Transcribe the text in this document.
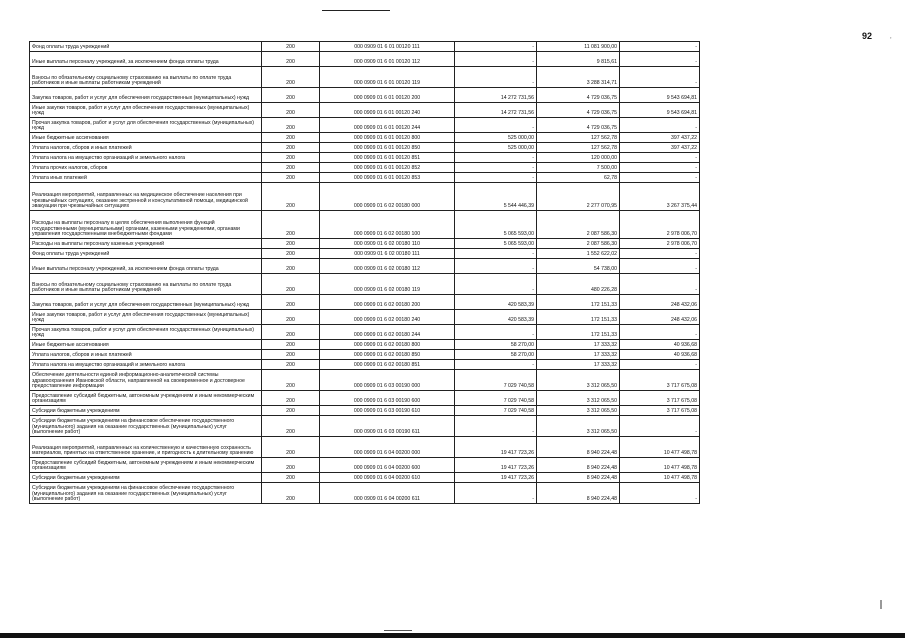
92	,
Фонд оплаты труда учреждений	200	000 0909 01 6 01 00120 111	-	11 081 900,00	-
Иные выплаты персоналу учреждений, за исключением фонда оплаты труда	200	000 0909 01 6 01 00120 112	-	9 815,61	-
Взносы по обязательному социальному страхованию на выплаты по оплате труда работников и иные выплаты работникам учреждений	200	000 0909 01 6 01 00120 119	-	3 288 314,71	-
Закупка товаров, работ и услуг для обеспечения государственных (муниципальных) нужд	200	000 0909 01 6 01 00120 200	14 272 731,56	4 729 036,75	9 543 694,81
Иные закупки товаров, работ и услуг для обеспечения государственных (муниципальных) нужд	200	000 0909 01 6 01 00120 240	14 272 731,56	4 729 036,75	9 543 694,81
Прочая закупка товаров, работ и услуг для обеспечения государственных (муниципальных) нужд	200	000 0909 01 6 01 00120 244	-	4 729 036,75	-
Иные бюджетные ассигнования	200	000 0909 01 6 01 00120 800	525 000,00	127 562,78	397 437,22
Уплата налогов, сборов и иных платежей	200	000 0909 01 6 01 00120 850	525 000,00	127 562,78	397 437,22
Уплата налога на имущество организаций и земельного налога	200	000 0909 01 6 01 00120 851	-	120 000,00	-
Уплата прочих налогов, сборов	200	000 0909 01 6 01 00120 852	-	7 500,00	-
Уплата иных платежей	200	000 0909 01 6 01 00120 853	-	62,78	-
Реализация мероприятий, направленных на медицинское обеспечение населения при чрезвычайных ситуациях, оказание экстренной и консультативной помощи, медицинской эвакуации при чрезвычайных ситуациях	200	000 0909 01 6 02 00180 000	5 544 446,39	2 277 070,95	3 267 375,44
Расходы на выплаты персоналу в целях обеспечения выполнения функций государственными (муниципальными) органами, казенными учреждениями, органами управления государственными внебюджетными фондами	200	000 0909 01 6 02 00180 100	5 065 593,00	2 087 586,30	2 978 006,70
Расходы на выплаты персоналу казенных учреждений	200	000 0909 01 6 02 00180 110	5 065 593,00	2 087 586,30	2 978 006,70
Фонд оплаты труда учреждений	200	000 0909 01 6 02 00180 111	-	1 552 622,02	-
Иные выплаты персоналу учреждений, за исключением фонда оплаты труда	200	000 0909 01 6 02 00180 112	-	54 738,00	-
Взносы по обязательному социальному страхованию на выплаты по оплате труда работников и иные выплаты работникам учреждений	200	000 0909 01 6 02 00180 119	-	480 226,28	-
Закупка товаров, работ и услуг для обеспечения государственных (муниципальных) нужд	200	000 0909 01 6 02 00180 200	420 583,39	172 151,33	248 432,06
Иные закупки товаров, работ и услуг для обеспечения государственных (муниципальных) нужд	200	000 0909 01 6 02 00180 240	420 583,39	172 151,33	248 432,06
Прочая закупка товаров, работ и услуг для обеспечения государственных (муниципальных) нужд	200	000 0909 01 6 02 00180 244	-	172 151,33	-
Иные бюджетные ассигнования	200	000 0909 01 6 02 00180 800	58 270,00	17 333,32	40 936,68
Уплата налогов, сборов и иных платежей	200	000 0909 01 6 02 00180 850	58 270,00	17 333,32	40 936,68
Уплата налога на имущество организаций и земельного налога	200	000 0909 01 6 02 00180 851	-	17 333,32	-
Обеспечение деятельности единой информационно-аналитической системы здравоохранения Ивановской области, направленной на своевременное и достоверное предоставление информации	200	000 0909 01 6 03 00190 000	7 029 740,58	3 312 065,50	3 717 675,08
Предоставление субсидий бюджетным, автономным учреждениям и иным некоммерческим организациям	200	000 0909 01 6 03 00190 600	7 029 740,58	3 312 065,50	3 717 675,08
Субсидии бюджетным учреждениям	200	000 0909 01 6 03 00190 610	7 029 740,58	3 312 065,50	3 717 675,08
Субсидии бюджетным учреждениям на финансовое обеспечение государственного (муниципального) задания на оказание государственных (муниципальных) услуг (выполнение работ)	200	000 0909 01 6 03 00190 611	-	3 312 065,50	-
Реализация мероприятий, направленных на количественную и качественную сохранность материалов, принятых на ответственное хранение, и пригодность к длительному хранению	200	000 0909 01 6 04 00200 000	19 417 723,26	8 940 224,48	10 477 498,78
Предоставление субсидий бюджетным, автономным учреждениям и иным некоммерческим организациям	200	000 0909 01 6 04 00200 600	19 417 723,26	8 940 224,48	10 477 498,78
Субсидии бюджетным учреждениям	200	000 0909 01 6 04 00200 610	19 417 723,26	8 940 224,48	10 477 498,78
Субсидии бюджетным учреждениям на финансовое обеспечение государственного (муниципального) задания на оказание государственных (муниципальных) услуг (выполнение работ)	200	000 0909 01 6 04 00200 611	-	8 940 224,48	-
